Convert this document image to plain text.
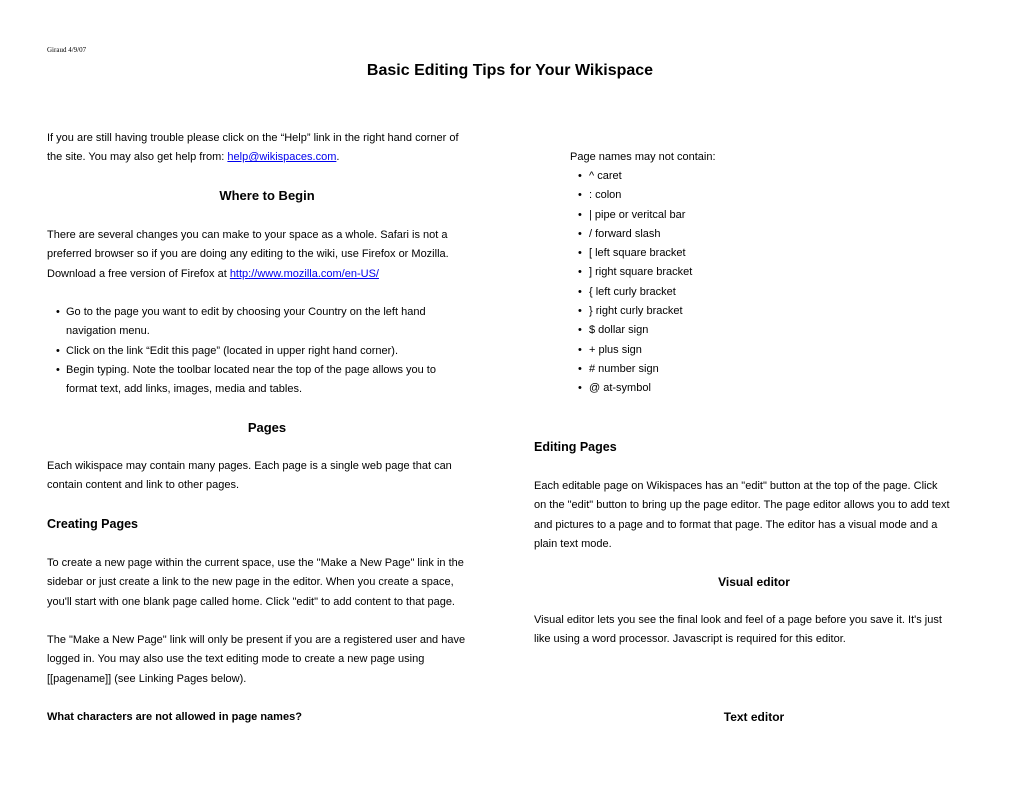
Giraud 4/9/07
Basic Editing Tips for Your Wikispace
If you are still having trouble please click on the “Help” link in the right hand corner of
the site. You may also get help from: help@wikispaces.com.
Where to Begin
There are several changes you can make to your space as a whole. Safari is not a
preferred browser so if you are doing any editing to the wiki, use Firefox or Mozilla.
Download a free version of Firefox at http://www.mozilla.com/en-US/
• Go to the page you want to edit by choosing your Country on the left hand
navigation menu.
• Click on the link “Edit this page” (located in upper right hand corner).
• Begin typing. Note the toolbar located near the top of the page allows you to
format text, add links, images, media and tables.
Pages
Each wikispace may contain many pages. Each page is a single web page that can
contain content and link to other pages.
Creating Pages
To create a new page within the current space, use the "Make a New Page" link in the
sidebar or just create a link to the new page in the editor. When you create a space,
you'll start with one blank page called home. Click "edit" to add content to that page.
The "Make a New Page" link will only be present if you are a registered user and have
logged in. You may also use the text editing mode to create a new page using
[[pagename]] (see Linking Pages below).
What characters are not allowed in page names?
Page names may not contain:
• ^ caret
• : colon
• | pipe or veritcal bar
• / forward slash
• [ left square bracket
• ] right square bracket
• { left curly bracket
• } right curly bracket
• $ dollar sign
• + plus sign
• # number sign
• @ at-symbol
Editing Pages
Each editable page on Wikispaces has an "edit" button at the top of the page. Click
on the "edit" button to bring up the page editor. The page editor allows you to add text
and pictures to a page and to format that page. The editor has a visual mode and a
plain text mode.
Visual editor
Visual editor lets you see the final look and feel of a page before you save it. It's just
like using a word processor. Javascript is required for this editor.
Text editor
